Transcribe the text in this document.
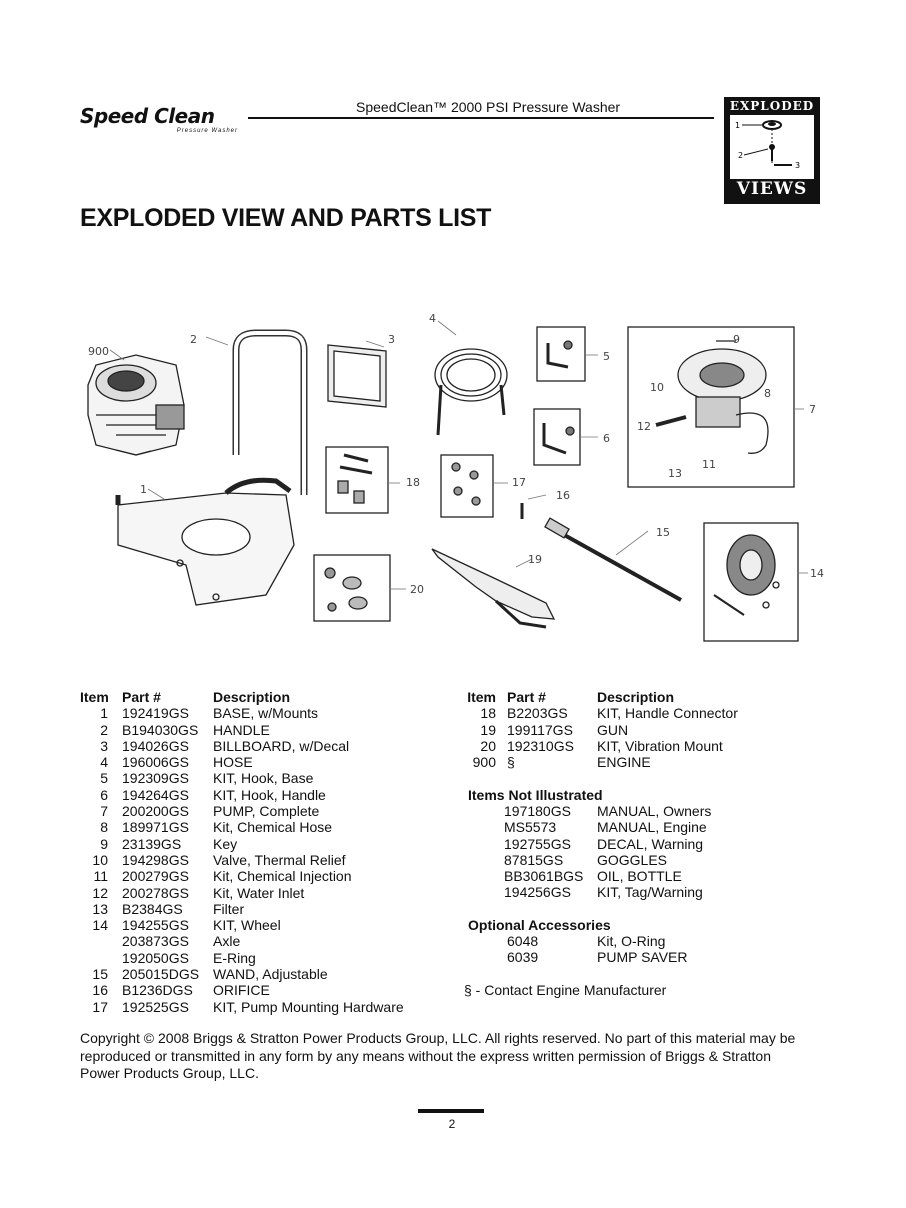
Speed Clean
Pressure Washer
SpeedClean™ 2000 PSI Pressure Washer	EXPLODED
1
2
3
VIEWS
EXPLODED VIEW AND PARTS LIST
900
2	3
4
5
6
9
10	8
7
12
13
11
1
18	17
16
15
19
20
14
Item Part #	Description
1 192419GS BASE, w/Mounts
2 B194030GS HANDLE
3 194026GS BILLBOARD, w/Decal
4 196006GS HOSE
5 192309GS KIT, Hook, Base
6 194264GS KIT, Hook, Handle
7 200200GS PUMP, Complete
8 189971GS Kit, Chemical Hose
9 23139GS Key
10 194298GS Valve, Thermal Relief
11 200279GS Kit, Chemical Injection
12 200278GS Kit, Water Inlet
13 B2384GS Filter
14 194255GS KIT, Wheel
203873GS Axle
192050GS E-Ring
15 205015DGS WAND, Adjustable
16 B1236DGS ORIFICE
17 192525GS KIT, Pump Mounting Hardware
Item Part #	Description
18 B2203GS KIT, Handle Connector
19 199117GS GUN
20 192310GS KIT, Vibration Mount
900 §	ENGINE
Items Not Illustrated
197180GS MANUAL, Owners
MS5573	MANUAL, Engine
192755GS DECAL, Warning
87815GS GOGGLES
BB3061BGS OIL, BOTTLE
194256GS KIT, Tag/Warning
Optional Accessories
6048	Kit, O-Ring
6039	PUMP SAVER
§ - Contact Engine Manufacturer
Copyright © 2008 Briggs & Stratton Power Products Group, LLC. All rights reserved. No part of this material may be reproduced or transmitted in any form by any means without the express written permission of Briggs & Stratton Power Products Group, LLC.
2
